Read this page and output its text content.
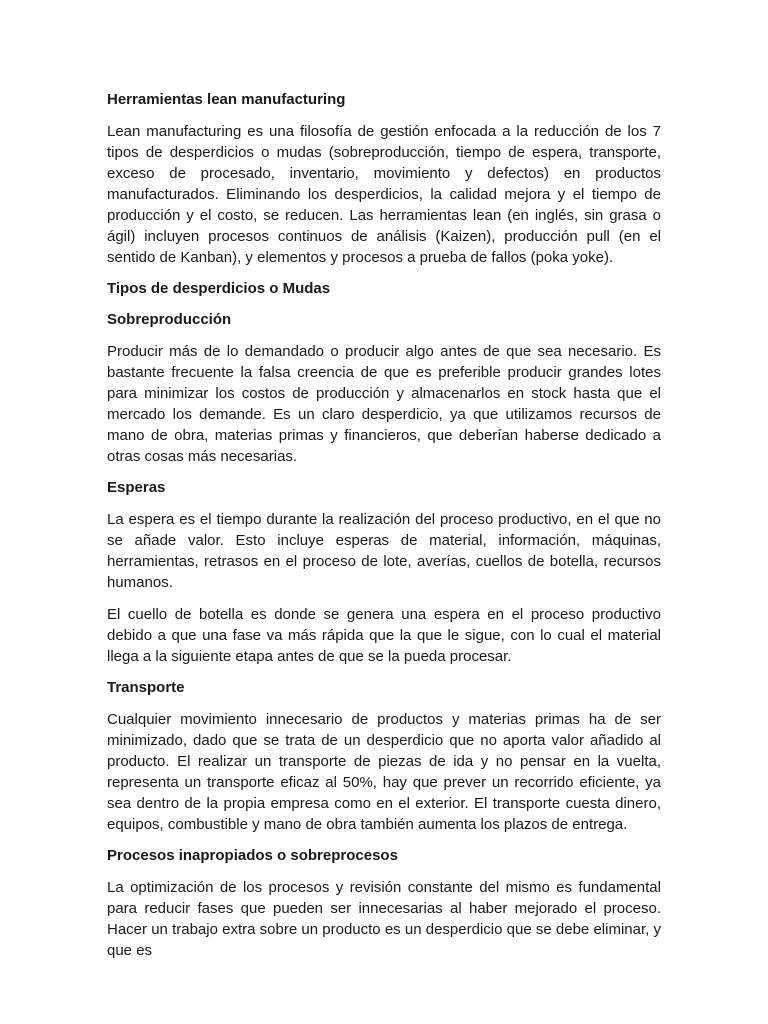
Herramientas lean manufacturing

Lean manufacturing es una filosofía de gestión enfocada a la reducción de los 7 tipos de desperdicios o mudas (sobreproducción, tiempo de espera, transporte, exceso de procesado, inventario, movimiento y defectos) en productos manufacturados. Eliminando los desperdicios, la calidad mejora y el tiempo de producción y el costo, se reducen. Las herramientas lean (en inglés, sin grasa o ágil) incluyen procesos continuos de análisis (Kaizen), producción pull (en el sentido de Kanban), y elementos y procesos a prueba de fallos (poka yoke).

Tipos de desperdicios o Mudas
Sobreproducción

Producir más de lo demandado o producir algo antes de que sea necesario. Es bastante frecuente la falsa creencia de que es preferible producir grandes lotes para minimizar los costos de producción y almacenarlos en stock hasta que el mercado los demande. Es un claro desperdicio, ya que utilizamos recursos de mano de obra, materias primas y financieros, que deberían haberse dedicado a otras cosas más necesarias.

Esperas

La espera es el tiempo durante la realización del proceso productivo, en el que no se añade valor. Esto incluye esperas de material, información, máquinas, herramientas, retrasos en el proceso de lote, averías, cuellos de botella, recursos humanos.

El cuello de botella es donde se genera una espera en el proceso productivo debido a que una fase va más rápida que la que le sigue, con lo cual el material llega a la siguiente etapa antes de que se la pueda procesar.

Transporte

Cualquier movimiento innecesario de productos y materias primas ha de ser minimizado, dado que se trata de un desperdicio que no aporta valor añadido al producto. El realizar un transporte de piezas de ida y no pensar en la vuelta, representa un transporte eficaz al 50%, hay que prever un recorrido eficiente, ya sea dentro de la propia empresa como en el exterior. El transporte cuesta dinero, equipos, combustible y mano de obra también aumenta los plazos de entrega.

Procesos inapropiados o sobreprocesos

La optimización de los procesos y revisión constante del mismo es fundamental para reducir fases que pueden ser innecesarias al haber mejorado el proceso. Hacer un trabajo extra sobre un producto es un desperdicio que se debe eliminar, y que es
